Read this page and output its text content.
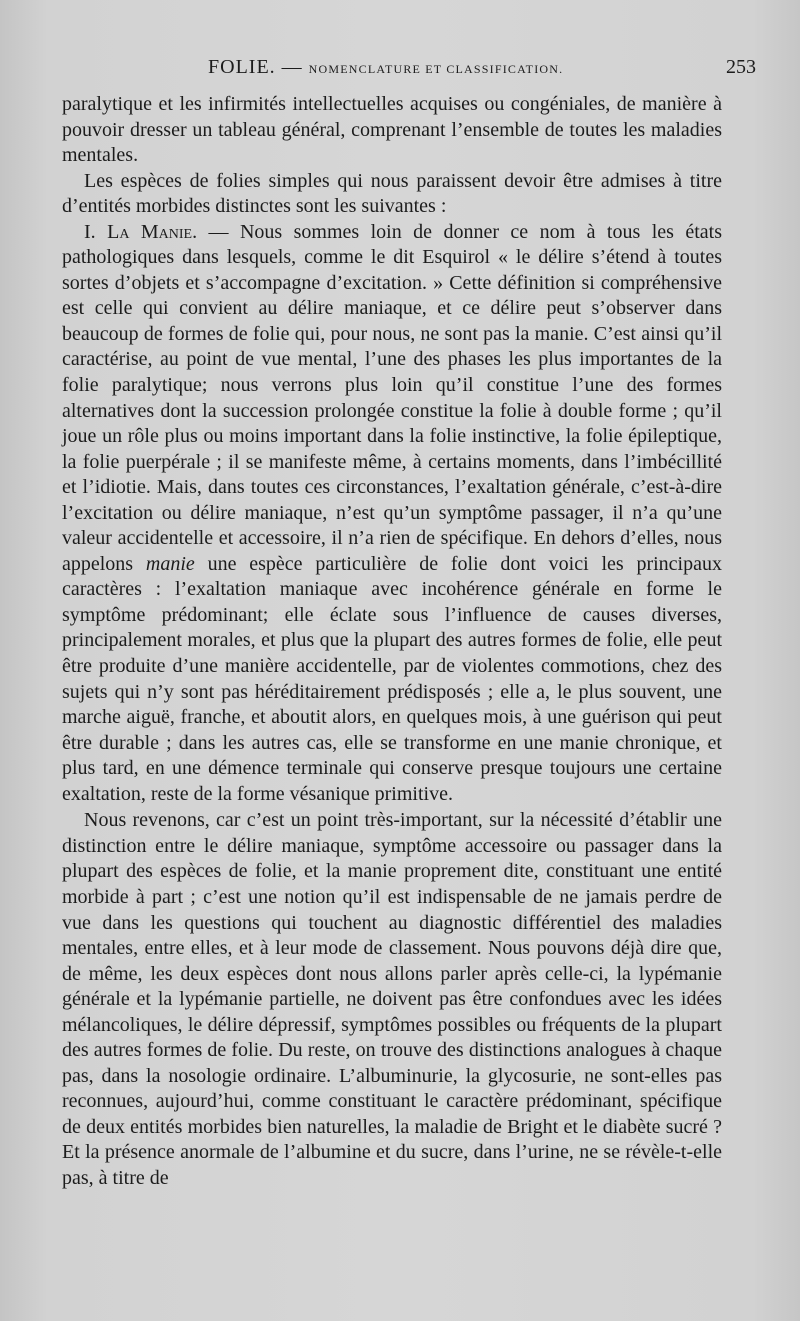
FOLIE. — NOMENCLATURE ET CLASSIFICATION.	253

paralytique et les infirmités intellectuelles acquises ou congéniales, de manière à pouvoir dresser un tableau général, comprenant l’ensemble de toutes les maladies mentales.

Les espèces de folies simples qui nous paraissent devoir être admises à titre d’entités morbides distinctes sont les suivantes :

I. La Manie. — Nous sommes loin de donner ce nom à tous les états pathologiques dans lesquels, comme le dit Esquirol « le délire s’étend à toutes sortes d’objets et s’accompagne d’excitation. » Cette définition si compréhensive est celle qui convient au délire maniaque, et ce délire peut s’observer dans beaucoup de formes de folie qui, pour nous, ne sont pas la manie. C’est ainsi qu’il caractérise, au point de vue mental, l’une des phases les plus importantes de la folie paralytique; nous verrons plus loin qu’il constitue l’une des formes alternatives dont la succession prolongée constitue la folie à double forme ; qu’il joue un rôle plus ou moins important dans la folie instinctive, la folie épileptique, la folie puerpérale ; il se manifeste même, à certains moments, dans l’imbécillité et l’idiotie. Mais, dans toutes ces circonstances, l’exaltation générale, c’est-à-dire l’excitation ou délire maniaque, n’est qu’un symptôme passager, il n’a qu’une valeur accidentelle et accessoire, il n’a rien de spécifique. En dehors d’elles, nous appelons manie une espèce particulière de folie dont voici les principaux caractères : l’exaltation maniaque avec incohérence générale en forme le symptôme prédominant; elle éclate sous l’influence de causes diverses, principalement morales, et plus que la plupart des autres formes de folie, elle peut être produite d’une manière accidentelle, par de violentes commotions, chez des sujets qui n’y sont pas héréditairement prédisposés ; elle a, le plus souvent, une marche aiguë, franche, et aboutit alors, en quelques mois, à une guérison qui peut être durable ; dans les autres cas, elle se transforme en une manie chronique, et plus tard, en une démence terminale qui conserve presque toujours une certaine exaltation, reste de la forme vésanique primitive.

Nous revenons, car c’est un point très-important, sur la nécessité d’établir une distinction entre le délire maniaque, symptôme accessoire ou passager dans la plupart des espèces de folie, et la manie proprement dite, constituant une entité morbide à part ; c’est une notion qu’il est indispensable de ne jamais perdre de vue dans les questions qui touchent au diagnostic différentiel des maladies mentales, entre elles, et à leur mode de classement. Nous pouvons déjà dire que, de même, les deux espèces dont nous allons parler après celle-ci, la lypémanie générale et la lypémanie partielle, ne doivent pas être confondues avec les idées mélancoliques, le délire dépressif, symptômes possibles ou fréquents de la plupart des autres formes de folie. Du reste, on trouve des distinctions analogues à chaque pas, dans la nosologie ordinaire. L’albuminurie, la glycosurie, ne sont-elles pas reconnues, aujourd’hui, comme constituant le caractère prédominant, spécifique de deux entités morbides bien naturelles, la maladie de Bright et le diabète sucré ? Et la présence anormale de l’albumine et du sucre, dans l’urine, ne se révèle-t-elle pas, à titre de
